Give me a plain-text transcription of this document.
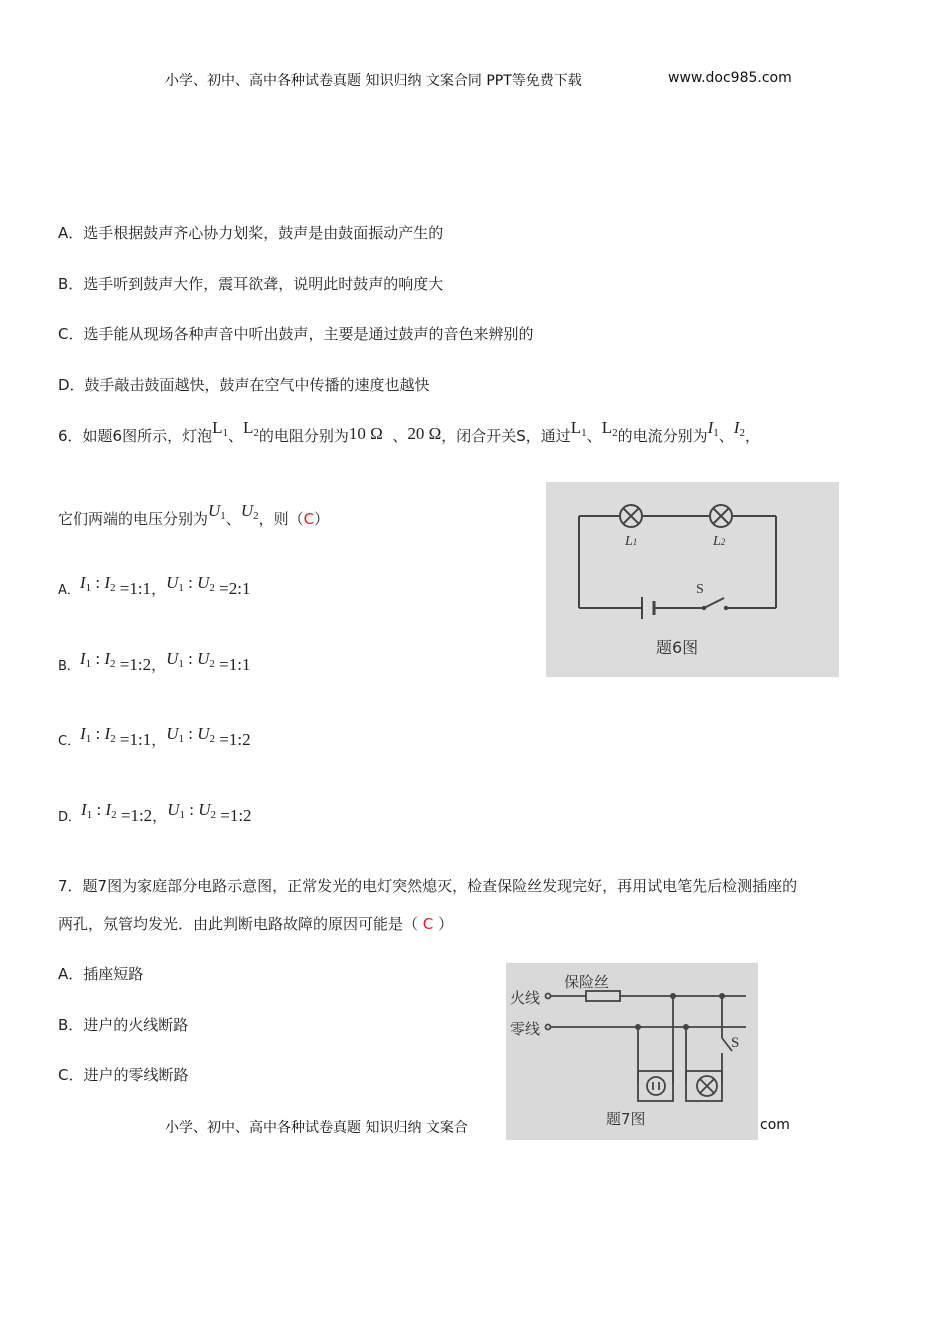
小学、初中、高中各种试卷真题 知识归纳 文案合同 PPT等免费下载	www.doc985.com
A．选手根据鼓声齐心协力划桨，鼓声是由鼓面振动产生的
B．选手听到鼓声大作，震耳欲聋，说明此时鼓声的响度大
C．选手能从现场各种声音中听出鼓声，主要是通过鼓声的音色来辨别的
D．鼓手敲击鼓面越快，鼓声在空气中传播的速度也越快
6．如题6图所示，灯泡$L_1$、$L_2$的电阻分别为10 Ω 、20 Ω，闭合开关S，通过$L_1$、$L_2$的电流分别为$I_1$、$I_2$，
它们两端的电压分别为$U_1$、$U_2$，则（C）
A．$I_1$ : $I_2$ =1:1，$U_1$ : $U_2$ =2:1
B．$I_1$ : $I_2$ =1:2，$U_1$ : $U_2$ =1:1
C．$I_1$ : $I_2$ =1:1，$U_1$ : $U_2$ =1:2
D．$I_1$ : $I_2$ =1:2，$U_1$ : $U_2$ =1:2
L1	L2
S
题6图
7．题7图为家庭部分电路示意图，正常发光的电灯突然熄灭，检查保险丝发现完好，再用试电笔先后检测插座的
两孔，氖管均发光．由此判断电路故障的原因可能是（ C ）
A．插座短路
B．进户的火线断路
C．进户的零线断路
小学、初中、高中各种试卷真题 知识归纳 文案合	com
火线
零线
保险丝
S
题7图
